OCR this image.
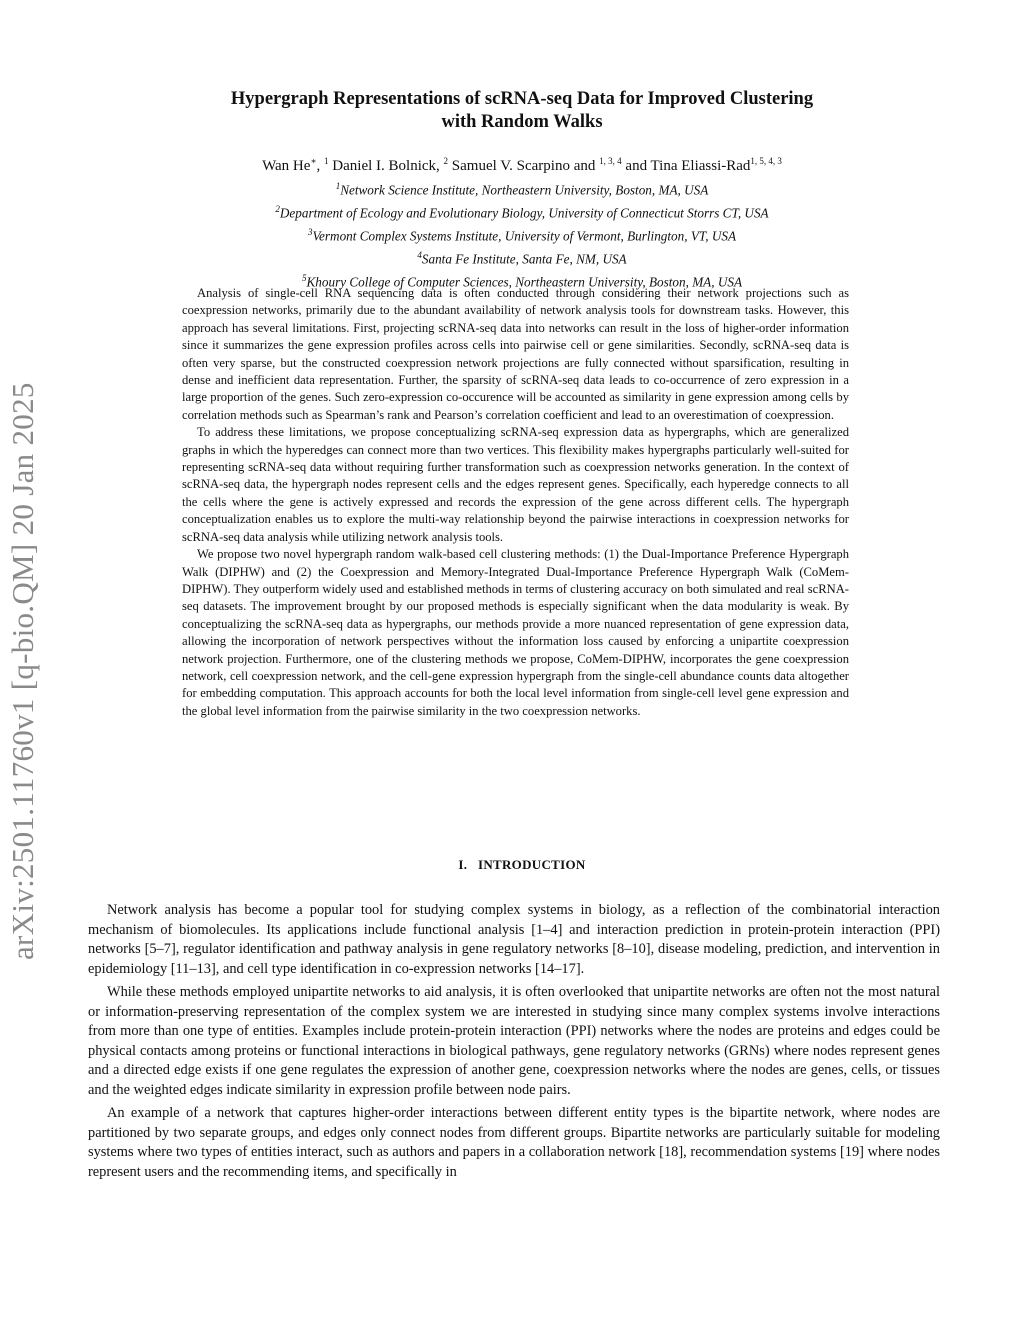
arXiv:2501.11760v1 [q-bio.QM] 20 Jan 2025
Hypergraph Representations of scRNA-seq Data for Improved Clustering
with Random Walks
Wan He∗, $^1$ Daniel I. Bolnick, $^2$ Samuel V. Scarpino and $^{1, 3, 4}$ and Tina Eliassi-Rad$^{1, 5, 4, 3}$
$^1$Network Science Institute, Northeastern University, Boston, MA, USA
$^2$Department of Ecology and Evolutionary Biology, University of Connecticut Storrs CT, USA
$^3$Vermont Complex Systems Institute, University of Vermont, Burlington, VT, USA
$^4$Santa Fe Institute, Santa Fe, NM, USA
$^5$Khoury College of Computer Sciences, Northeastern University, Boston, MA, USA

Analysis of single-cell RNA sequencing data is often conducted through considering their network projections such as coexpression networks, primarily due to the abundant availability of network analysis tools for downstream tasks. However, this approach has several limitations. First, projecting scRNA-seq data into networks can result in the loss of higher-order information since it summarizes the gene expression profiles across cells into pairwise cell or gene similarities. Secondly, scRNA-seq data is often very sparse, but the constructed coexpression network projections are fully connected without sparsification, resulting in dense and inefficient data representation. Further, the sparsity of scRNA-seq data leads to co-occurrence of zero expression in a large proportion of the genes. Such zero-expression co-occurence will be accounted as similarity in gene expression among cells by correlation methods such as Spearman’s rank and Pearson’s correlation coefficient and lead to an overestimation of coexpression.

To address these limitations, we propose conceptualizing scRNA-seq expression data as hypergraphs, which are generalized graphs in which the hyperedges can connect more than two vertices. This flexibility makes hypergraphs particularly well-suited for representing scRNA-seq data without requiring further transformation such as coexpression networks generation. In the context of scRNA-seq data, the hypergraph nodes represent cells and the edges represent genes. Specifically, each hyperedge connects to all the cells where the gene is actively expressed and records the expression of the gene across different cells. The hypergraph conceptualization enables us to explore the multi-way relationship beyond the pairwise interactions in coexpression networks for scRNA-seq data analysis while utilizing network analysis tools.

We propose two novel hypergraph random walk-based cell clustering methods: (1) the Dual-Importance Preference Hypergraph Walk (DIPHW) and (2) the Coexpression and Memory-Integrated Dual-Importance Preference Hypergraph Walk (CoMem-DIPHW). They outperform widely used and established methods in terms of clustering accuracy on both simulated and real scRNA-seq datasets. The improvement brought by our proposed methods is especially significant when the data modularity is weak. By conceptualizing the scRNA-seq data as hypergraphs, our methods provide a more nuanced representation of gene expression data, allowing the incorporation of network perspectives without the information loss caused by enforcing a unipartite coexpression network projection. Furthermore, one of the clustering methods we propose, CoMem-DIPHW, incorporates the gene coexpression network, cell coexpression network, and the cell-gene expression hypergraph from the single-cell abundance counts data altogether for embedding computation. This approach accounts for both the local level information from single-cell level gene expression and the global level information from the pairwise similarity in the two coexpression networks.

I. INTRODUCTION

Network analysis has become a popular tool for studying complex systems in biology, as a reflection of the combinatorial interaction mechanism of biomolecules. Its applications include functional analysis [1–4] and interaction prediction in protein-protein interaction (PPI) networks [5–7], regulator identification and pathway analysis in gene regulatory networks [8–10], disease modeling, prediction, and intervention in epidemiology [11–13], and cell type identification in co-expression networks [14–17].

While these methods employed unipartite networks to aid analysis, it is often overlooked that unipartite networks are often not the most natural or information-preserving representation of the complex system we are interested in studying since many complex systems involve interactions from more than one type of entities. Examples include protein-protein interaction (PPI) networks where the nodes are proteins and edges could be physical contacts among proteins or functional interactions in biological pathways, gene regulatory networks (GRNs) where nodes represent genes and a directed edge exists if one gene regulates the expression of another gene, coexpression networks where the nodes are genes, cells, or tissues and the weighted edges indicate similarity in expression profile between node pairs.

An example of a network that captures higher-order interactions between different entity types is the bipartite network, where nodes are partitioned by two separate groups, and edges only connect nodes from different groups. Bipartite networks are particularly suitable for modeling systems where two types of entities interact, such as authors and papers in a collaboration network [18], recommendation systems [19] where nodes represent users and the recommending items, and specifically in
